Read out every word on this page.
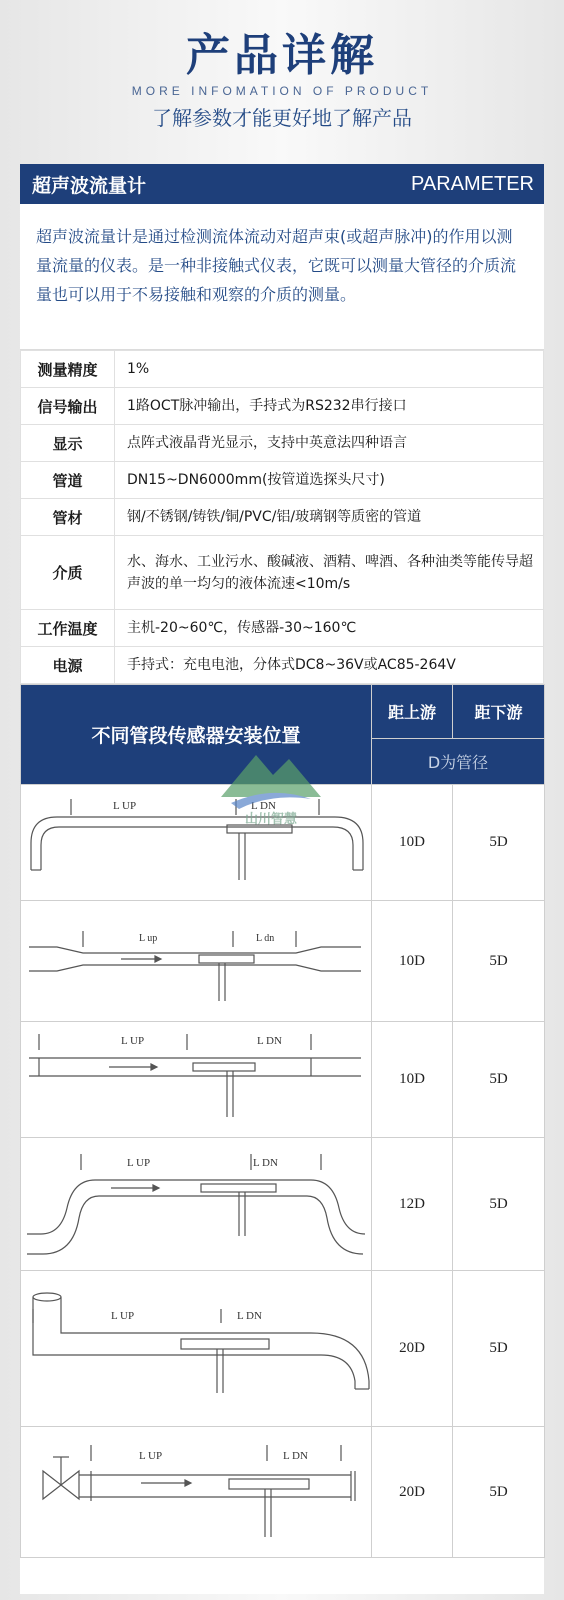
产品详解
MORE INFOMATION OF PRODUCT
了解参数才能更好地了解产品
超声波流量计	PARAMETER
超声波流量计是通过检测流体流动对超声束(或超声脉冲)的作用以测量流量的仪表。是一种非接触式仪表，它既可以测量大管径的介质流量也可以用于不易接触和观察的介质的测量。
测量精度	1%
信号输出	1路OCT脉冲输出，手持式为RS232串行接口
显示	点阵式液晶背光显示，支持中英意法四种语言
管道	DN15~DN6000mm(按管道选探头尺寸)
管材	钢/不锈钢/铸铁/铜/PVC/铝/玻璃钢等质密的管道
介质	水、海水、工业污水、酸碱液、酒精、啤酒、各种油类等能传导超声波的单一均匀的液体流速<10m/s
工作温度	主机-20~60℃，传感器-30~160℃
电源	手持式：充电电池，分体式DC8~36V或AC85-264V
不同管段传感器安装位置
山川智慧	距上游	距下游
	D为管径	

L UP L DN	10D	5D

L up L dn	10D	5D

L UP L DN	10D	5D

L UP L DN	12D	5D

L UP L DN	20D	5D

L UP L DN	20D	5D
